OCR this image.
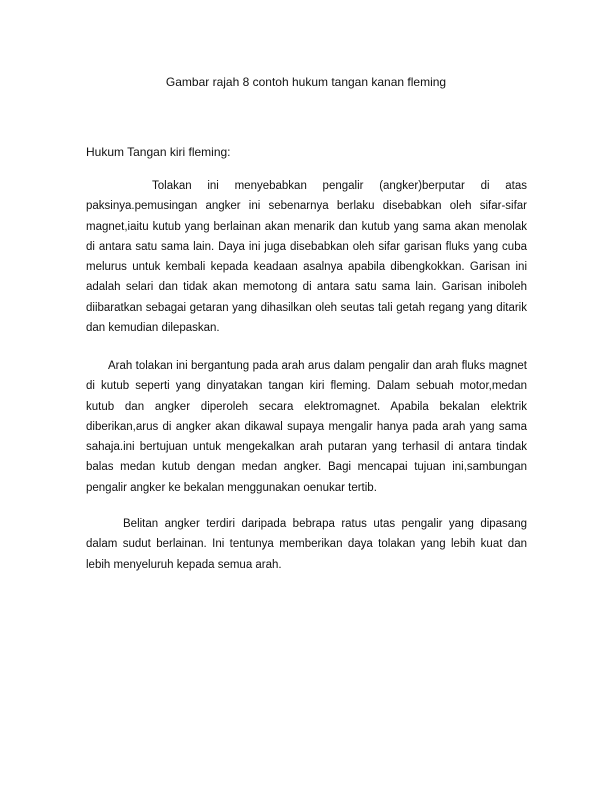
Gambar rajah 8 contoh hukum tangan kanan fleming
Hukum Tangan kiri fleming:

Tolakan ini menyebabkan pengalir (angker)berputar di atas paksinya.pemusingan angker ini sebenarnya berlaku disebabkan oleh sifar-sifar magnet,iaitu kutub yang berlainan akan menarik dan kutub yang sama akan menolak di antara satu sama lain. Daya ini juga disebabkan oleh sifar garisan fluks yang cuba melurus untuk kembali kepada keadaan asalnya apabila dibengkokkan. Garisan ini adalah selari dan tidak akan memotong di antara satu sama lain. Garisan iniboleh diibaratkan sebagai getaran yang dihasilkan oleh seutas tali getah regang yang ditarik dan kemudian dilepaskan.

Arah tolakan ini bergantung pada arah arus dalam pengalir dan arah fluks magnet di kutub seperti yang dinyatakan tangan kiri fleming. Dalam sebuah motor,medan kutub dan angker diperoleh secara elektromagnet. Apabila bekalan elektrik diberikan,arus di angker akan dikawal supaya mengalir hanya pada arah yang sama sahaja.ini bertujuan untuk mengekalkan arah putaran yang terhasil di antara tindak balas medan kutub dengan medan angker. Bagi mencapai tujuan ini,sambungan pengalir angker ke bekalan menggunakan oenukar tertib.

Belitan angker terdiri daripada bebrapa ratus utas pengalir yang dipasang dalam sudut berlainan. Ini tentunya memberikan daya tolakan yang lebih kuat dan lebih menyeluruh kepada semua arah.
